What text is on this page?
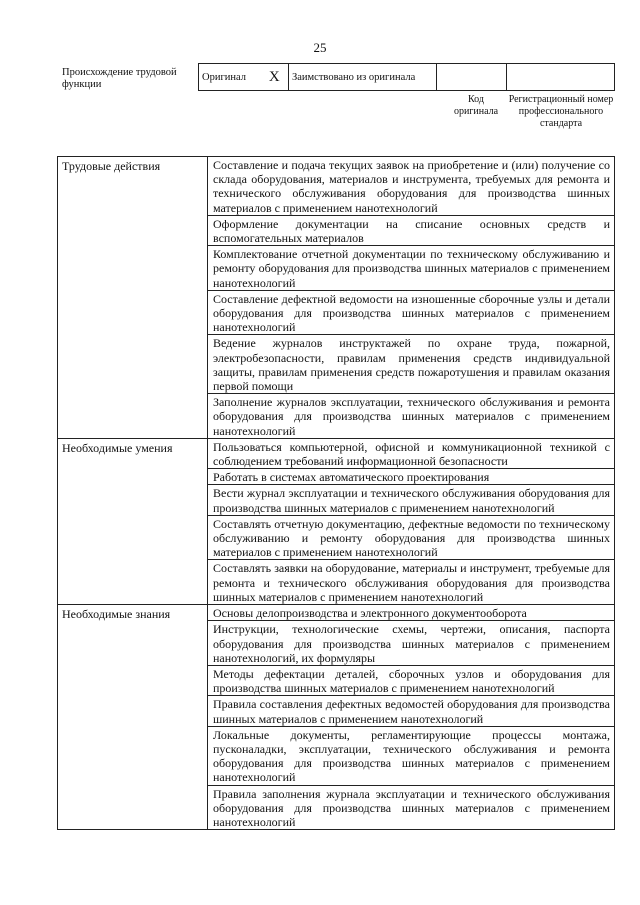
25
Происхождение трудовой функции
Оригинал	X	Заимствовано из оригинала		
Код оригинала
Регистрационный номер профессионального стандарта
Трудовые действия	Составление и подача текущих заявок на приобретение и (или) получение со склада оборудования, материалов и инструмента, требуемых для ремонта и технического обслуживания оборудования для производства шинных материалов с применением нанотехнологий
	Оформление документации на списание основных средств и вспомогательных материалов
	Комплектование отчетной документации по техническому обслуживанию и ремонту оборудования для производства шинных материалов с применением нанотехнологий
	Составление дефектной ведомости на изношенные сборочные узлы и детали оборудования для производства шинных материалов с применением нанотехнологий
	Ведение журналов инструктажей по охране труда, пожарной, электробезопасности, правилам применения средств индивидуальной защиты, правилам применения средств пожаротушения и правилам оказания первой помощи
	Заполнение журналов эксплуатации, технического обслуживания и ремонта оборудования для производства шинных материалов с применением нанотехнологий
Необходимые умения	Пользоваться компьютерной, офисной и коммуникационной техникой с соблюдением требований информационной безопасности
	Работать в системах автоматического проектирования
	Вести журнал эксплуатации и технического обслуживания оборудования для производства шинных материалов с применением нанотехнологий
	Составлять отчетную документацию, дефектные ведомости по техническому обслуживанию и ремонту оборудования для производства шинных материалов с применением нанотехнологий
	Составлять заявки на оборудование, материалы и инструмент, требуемые для ремонта и технического обслуживания оборудования для производства шинных материалов с применением нанотехнологий
Необходимые знания	Основы делопроизводства и электронного документооборота
	Инструкции, технологические схемы, чертежи, описания, паспорта оборудования для производства шинных материалов с применением нанотехнологий, их формуляры
	Методы дефектации деталей, сборочных узлов и оборудования для производства шинных материалов с применением нанотехнологий
	Правила составления дефектных ведомостей оборудования для производства шинных материалов с применением нанотехнологий
	Локальные документы, регламентирующие процессы монтажа, пусконаладки, эксплуатации, технического обслуживания и ремонта оборудования для производства шинных материалов с применением нанотехнологий
	Правила заполнения журнала эксплуатации и технического обслуживания оборудования для производства шинных материалов с применением нанотехнологий
